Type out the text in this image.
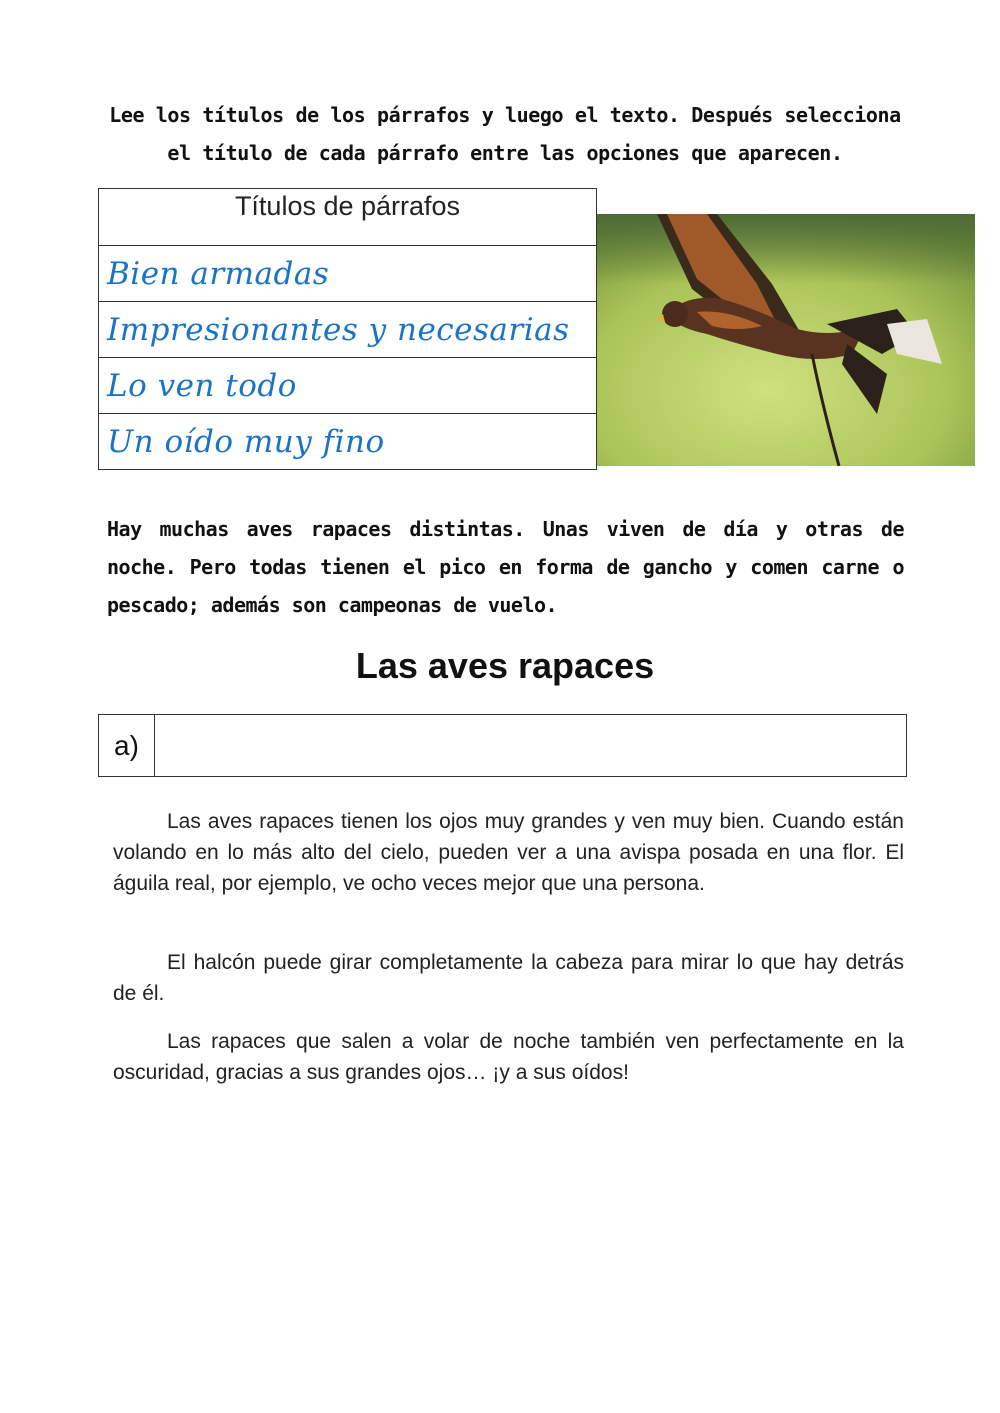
Lee los títulos de los párrafos y luego el texto. Después selecciona
el título de cada párrafo entre las opciones que aparecen.
Títulos de párrafos
Bien armadas
Impresionantes y necesarias
Lo ven todo
Un oído muy fino
Hay muchas aves rapaces distintas. Unas viven de día y otras de noche. Pero todas tienen el pico en forma de gancho y comen carne o pescado; además son campeonas de vuelo.
Las aves rapaces
a)
Las aves rapaces tienen los ojos muy grandes y ven muy bien. Cuando están volando en lo más alto del cielo, pueden ver a una avispa posada en una flor. El águila real, por ejemplo, ve ocho veces mejor que una persona.
El halcón puede girar completamente la cabeza para mirar lo que hay detrás de él.
Las rapaces que salen a volar de noche también ven perfectamente en la oscuridad, gracias a sus grandes ojos… ¡y a sus oídos!
